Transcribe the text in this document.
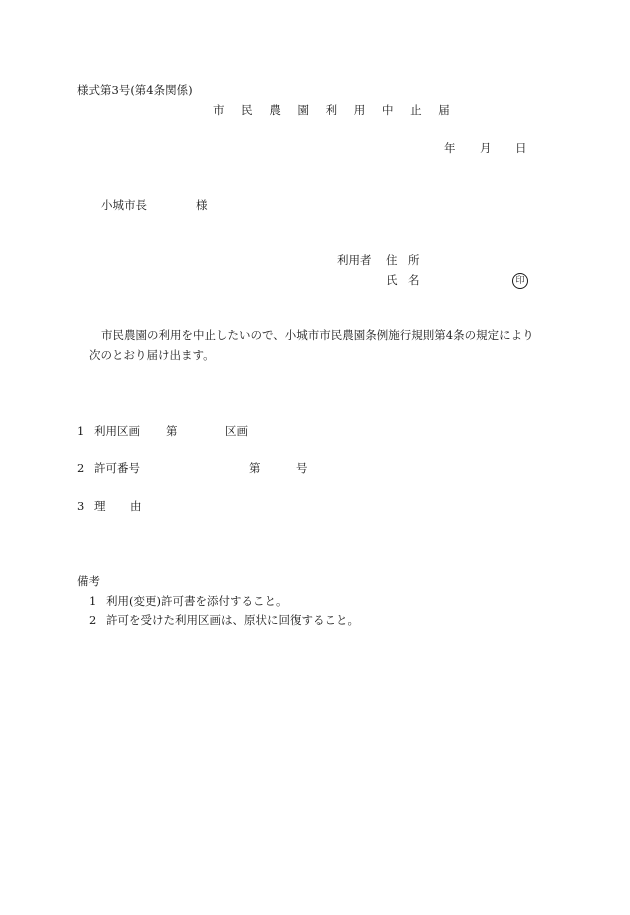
様式第3号(第4条関係)
市 民 農 園 利 用 中 止 届
年 月 日
小城市長	様
利用者 住 所
氏 名	印
市民農園の利用を中止したいので、小城市市民農園条例施行規則第4条の規定により
次のとおり届け出ます。
1 利用区画 第	区画
2 許可番号	第	号
3 理 由
備考
1 利用(変更)許可書を添付すること。
2 許可を受けた利用区画は、原状に回復すること。
